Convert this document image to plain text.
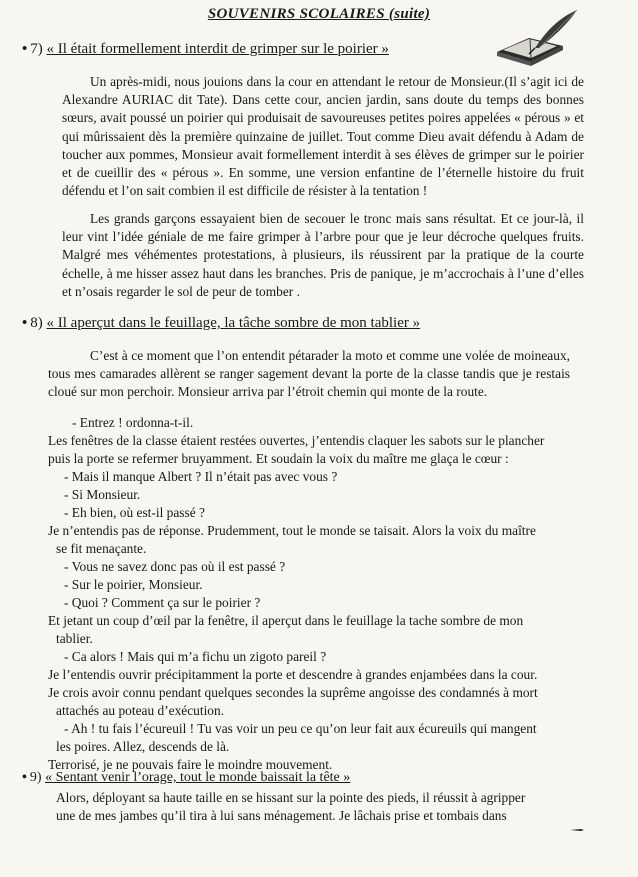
SOUVENIRS SCOLAIRES (suite)
• 7) « Il était formellement interdit de grimper sur le poirier »

Un après-midi, nous jouions dans la cour en attendant le retour de Monsieur.(Il s’agit ici de Alexandre AURIAC dit Tate). Dans cette cour, ancien jardin, sans doute du temps des bonnes sœurs, avait poussé un poirier qui produisait de savoureuses petites poires appelées « pérous » et qui mûrissaient dès la première quinzaine de juillet. Tout comme Dieu avait défendu à Adam de toucher aux pommes, Monsieur avait formellement interdit à ses élèves de grimper sur le poirier et de cueillir des « pérous ». En somme, une version enfantine de l’éternelle histoire du fruit défendu et l’on sait combien il est difficile de résister à la tentation !

Les grands garçons essayaient bien de secouer le tronc mais sans résultat. Et ce jour-là, il leur vint l’idée géniale de me faire grimper à l’arbre pour que je leur décroche quelques fruits. Malgré mes véhémentes protestations, à plusieurs, ils réussirent par la pratique de la courte échelle, à me hisser assez haut dans les branches. Pris de panique, je m’accrochais à l’une d’elles et n’osais regarder le sol de peur de tomber .

• 8) « Il aperçut dans le feuillage, la tâche sombre de mon tablier »

C’est à ce moment que l’on entendit pétarader la moto et comme une volée de moineaux, tous mes camarades allèrent se ranger sagement devant la porte de la classe tandis que je restais cloué sur mon perchoir. Monsieur arriva par l’étroit chemin qui monte de la route.

- Entrez ! ordonna-t-il.
Les fenêtres de la classe étaient restées ouvertes, j’entendis claquer les sabots sur le plancher
puis la porte se refermer bruyamment. Et soudain la voix du maître me glaça le cœur :
- Mais il manque Albert ? Il n’était pas avec vous ?
- Si Monsieur.
- Eh bien, où est-il passé ?
Je n’entendis pas de réponse. Prudemment, tout le monde se taisait. Alors la voix du maître
se fit menaçante.
- Vous ne savez donc pas où il est passé ?
- Sur le poirier, Monsieur.
- Quoi ? Comment ça sur le poirier ?
Et jetant un coup d’œil par la fenêtre, il aperçut dans le feuillage la tache sombre de mon
tablier.
- Ca alors ! Mais qui m’a fichu un zigoto pareil ?
Je l’entendis ouvrir précipitamment la porte et descendre à grandes enjambées dans la cour.
Je crois avoir connu pendant quelques secondes la suprême angoisse des condamnés à mort
attachés au poteau d’exécution.
- Ah ! tu fais l’écureuil ! Tu vas voir un peu ce qu’on leur fait aux écureuils qui mangent
les poires. Allez, descends de là.
Terrorisé, je ne pouvais faire le moindre mouvement.
• 9) « Sentant venir l’orage, tout le monde baissait la tête »
Alors, déployant sa haute taille en se hissant sur la pointe des pieds, il réussit à agripper
une de mes jambes qu’il tira à lui sans ménagement. Je lâchais prise et tombais dans
